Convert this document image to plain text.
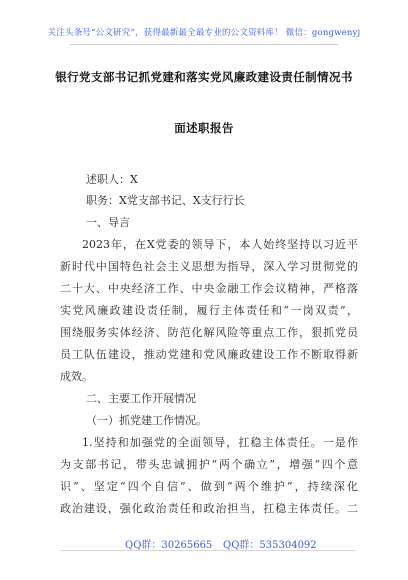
关注头条号“公文研究”，获得最新最全最专业的公文资料库！ 微信：gongwenyj
银行党支部书记抓党建和落实党风廉政建设责任制情况书
面述职报告
述职人：X
职务：X党支部书记、X支行行长
一、导言
2023年，在X党委的领导下，本人始终坚持以习近平
新时代中国特色社会主义思想为指导，深入学习贯彻党的
二十大、中央经济工作、中央金融工作会议精神，严格落
实党风廉政建设责任制，履行主体责任和“一岗双责”，
围绕服务实体经济、防范化解风险等重点工作，狠抓党员
员工队伍建设，推动党建和党风廉政建设工作不断取得新
成效。
二、主要工作开展情况
（一）抓党建工作情况。
1.坚持和加强党的全面领导，扛稳主体责任。一是作
为支部书记，带头忠诚拥护“两个确立”，增强“四个意
识”、坚定“四个自信”、做到“两个维护”，持续深化
政治建设，强化政治责任和政治担当，扛稳主体责任。二
QQ群：30265665 QQ群：535304092
